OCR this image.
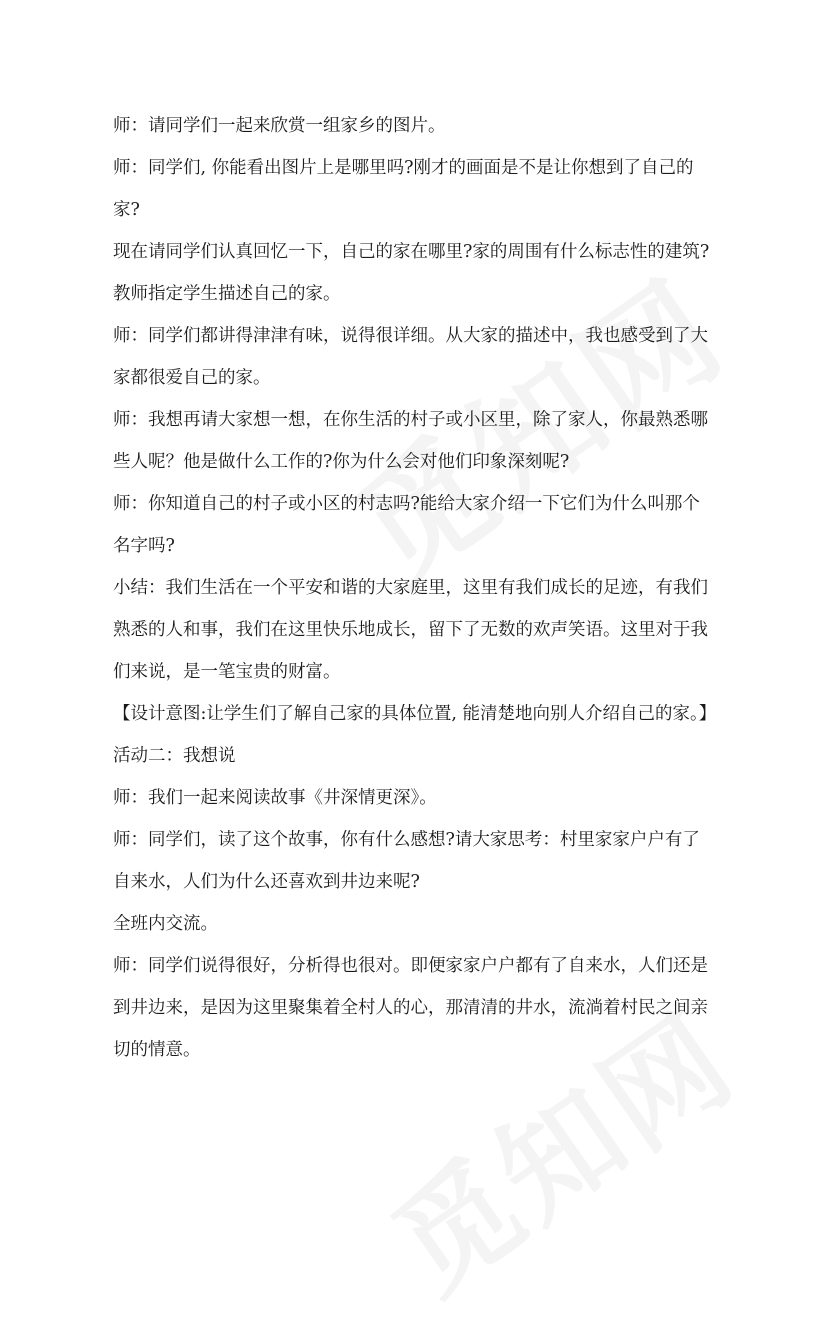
师：请同学们一起来欣赏一组家乡的图片。

师：同学们, 你能看出图片上是哪里吗?刚才的画面是不是让你想到了自己的家?

现在请同学们认真回忆一下，自己的家在哪里?家的周围有什么标志性的建筑?

教师指定学生描述自己的家。

师：同学们都讲得津津有味，说得很详细。从大家的描述中，我也感受到了大家都很爱自己的家。

师：我想再请大家想一想，在你生活的村子或小区里，除了家人，你最熟悉哪些人呢？他是做什么工作的?你为什么会对他们印象深刻呢?

师：你知道自己的村子或小区的村志吗?能给大家介绍一下它们为什么叫那个名字吗?

小结：我们生活在一个平安和谐的大家庭里，这里有我们成长的足迹，有我们熟悉的人和事，我们在这里快乐地成长，留下了无数的欢声笑语。这里对于我们来说，是一笔宝贵的财富。

【设计意图:让学生们了解自己家的具体位置, 能清楚地向别人介绍自己的家。】

活动二：我想说

师：我们一起来阅读故事《井深情更深》。

师：同学们，读了这个故事，你有什么感想?请大家思考：村里家家户户有了自来水，人们为什么还喜欢到井边来呢?

全班内交流。

师：同学们说得很好，分析得也很对。即便家家户户都有了自来水，人们还是到井边来，是因为这里聚集着全村人的心，那清清的井水，流淌着村民之间亲切的情意。
